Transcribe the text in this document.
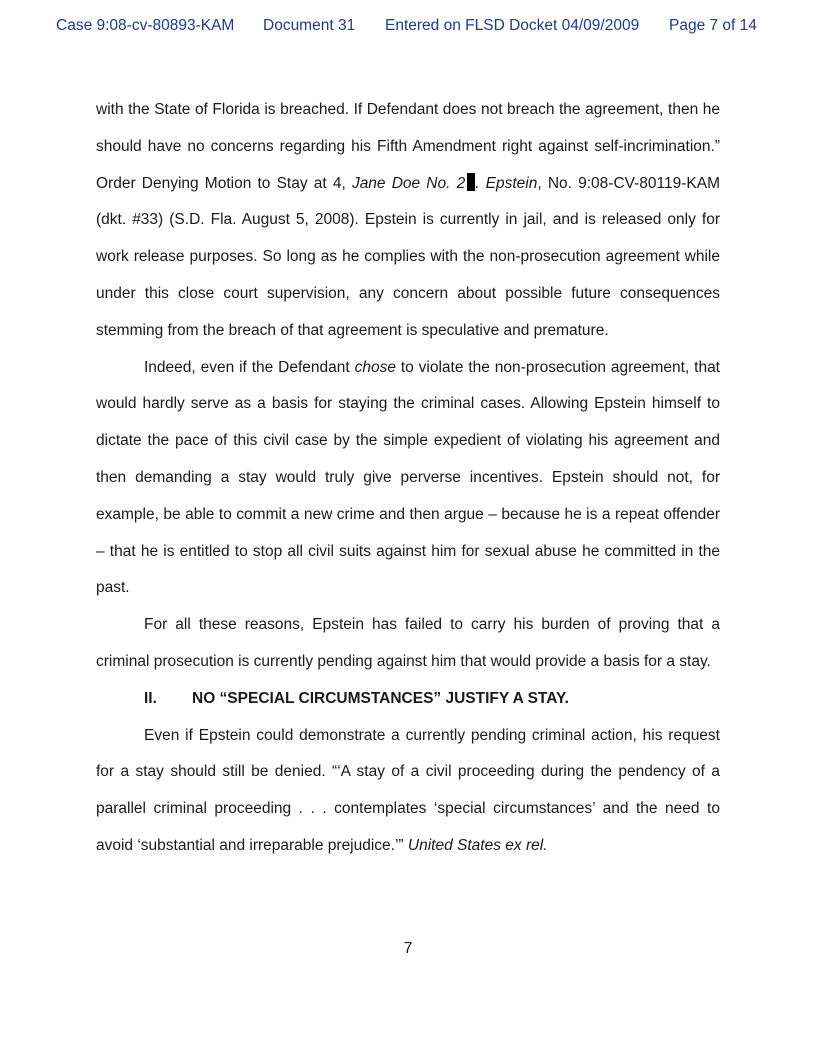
Case 9:08-cv-80893-KAM Document 31 Entered on FLSD Docket 04/09/2009 Page 7 of 14

with the State of Florida is breached. If Defendant does not breach the agreement, then he should have no concerns regarding his Fifth Amendment right against self-incrimination.” Order Denying Motion to Stay at 4, Jane Doe No. 2 . Epstein, No. 9:08-CV-80119-KAM (dkt. #33) (S.D. Fla. August 5, 2008). Epstein is currently in jail, and is released only for work release purposes. So long as he complies with the non-prosecution agreement while under this close court supervision, any concern about possible future consequences stemming from the breach of that agreement is speculative and premature.

Indeed, even if the Defendant chose to violate the non-prosecution agreement, that would hardly serve as a basis for staying the criminal cases. Allowing Epstein himself to dictate the pace of this civil case by the simple expedient of violating his agreement and then demanding a stay would truly give perverse incentives. Epstein should not, for example, be able to commit a new crime and then argue – because he is a repeat offender – that he is entitled to stop all civil suits against him for sexual abuse he committed in the past.

For all these reasons, Epstein has failed to carry his burden of proving that a criminal prosecution is currently pending against him that would provide a basis for a stay.

II. NO “SPECIAL CIRCUMSTANCES” JUSTIFY A STAY.

Even if Epstein could demonstrate a currently pending criminal action, his request for a stay should still be denied. “‘A stay of a civil proceeding during the pendency of a parallel criminal proceeding . . . contemplates ‘special circumstances’ and the need to avoid ‘substantial and irreparable prejudice.’” United States ex rel.

7
